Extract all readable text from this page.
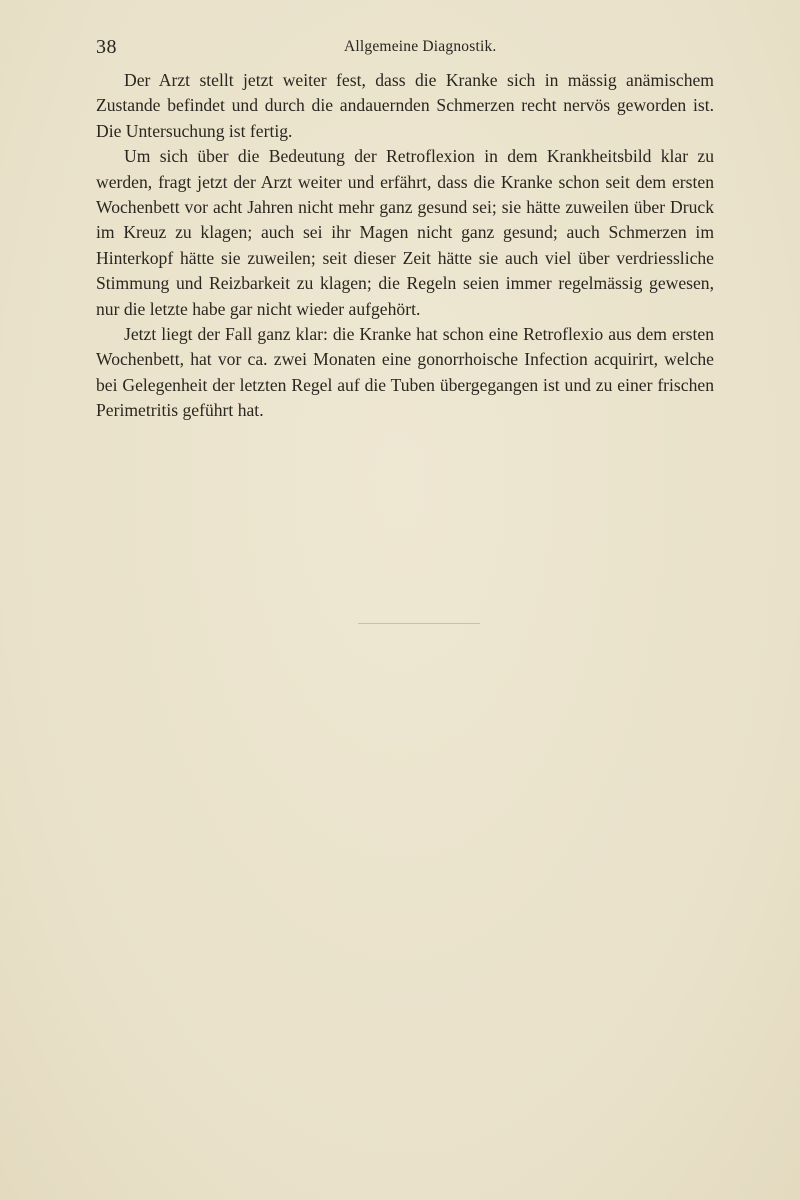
38	Allgemeine Diagnostik.

Der Arzt stellt jetzt weiter fest, dass die Kranke sich in mässig anämischem Zustande befindet und durch die andauernden Schmerzen recht nervös geworden ist. Die Untersuchung ist fertig.

Um sich über die Bedeutung der Retroflexion in dem Krankheitsbild klar zu werden, fragt jetzt der Arzt weiter und erfährt, dass die Kranke schon seit dem ersten Wochenbett vor acht Jahren nicht mehr ganz gesund sei; sie hätte zuweilen über Druck im Kreuz zu klagen; auch sei ihr Magen nicht ganz gesund; auch Schmerzen im Hinterkopf hätte sie zuweilen; seit dieser Zeit hätte sie auch viel über verdriessliche Stimmung und Reizbarkeit zu klagen; die Regeln seien immer regelmässig gewesen, nur die letzte habe gar nicht wieder aufgehört.

Jetzt liegt der Fall ganz klar: die Kranke hat schon eine Retroflexio aus dem ersten Wochenbett, hat vor ca. zwei Monaten eine gonorrhoische Infection acquirirt, welche bei Gelegenheit der letzten Regel auf die Tuben übergegangen ist und zu einer frischen Perimetritis geführt hat.
